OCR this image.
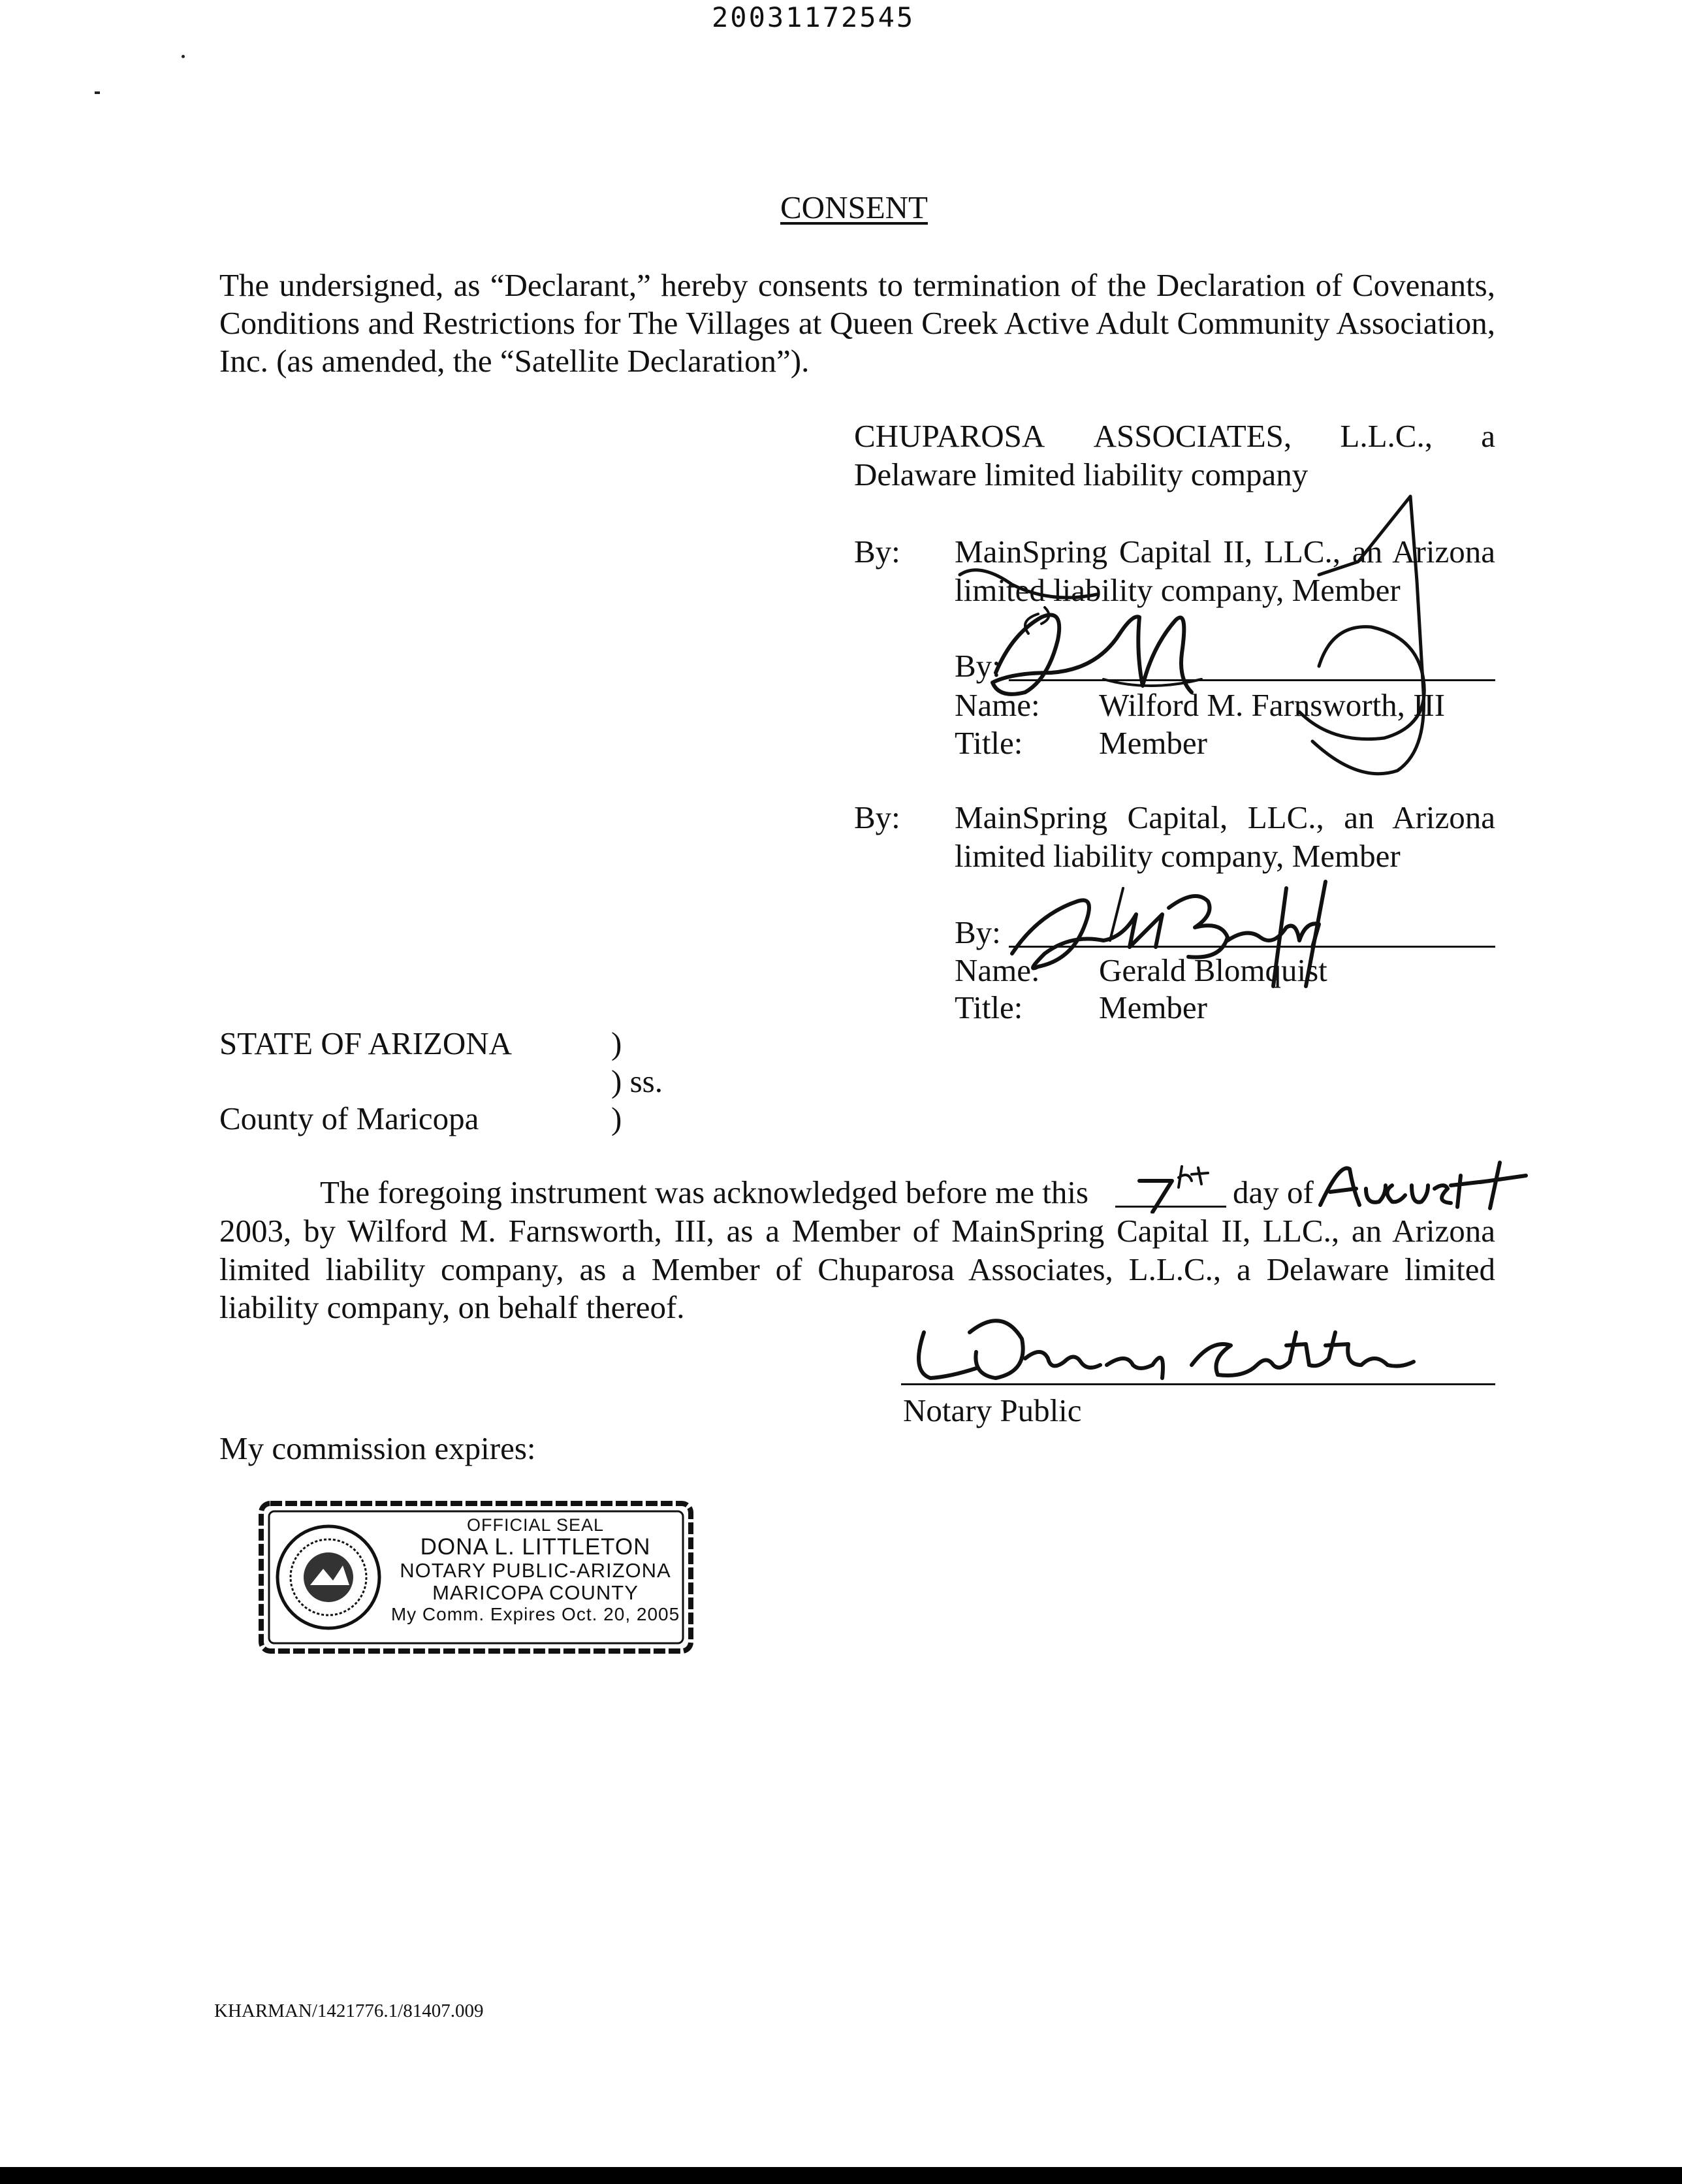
20031172545
CONSENT
The undersigned, as “Declarant,” hereby consents to termination of the Declaration of Covenants, Conditions and Restrictions for The Villages at Queen Creek Active Adult Community Association, Inc. (as amended, the “Satellite Declaration”).
CHUPAROSA ASSOCIATES, L.L.C., a
Delaware limited liability company
By: MainSpring Capital II, LLC., an Arizona
limited liability company, Member
By:
Name: Wilford M. Farnsworth, III
Title: Member
By: MainSpring Capital, LLC., an Arizona
limited liability company, Member
By:
Name: Gerald Blomquist
Title: Member
STATE OF ARIZONA	)
) ss.
County of Maricopa	)
The foregoing instrument was acknowledged before me this	day of
2003, by Wilford M. Farnsworth, III, as a Member of MainSpring Capital II, LLC., an Arizona
limited liability company, as a Member of Chuparosa Associates, L.L.C., a Delaware limited
liability company, on behalf thereof.
Notary Public
My commission expires:
OFFICIAL SEAL
DONA L. LITTLETON
NOTARY PUBLIC-ARIZONA
MARICOPA COUNTY
My Comm. Expires Oct. 20, 2005
KHARMAN/1421776.1/81407.009
